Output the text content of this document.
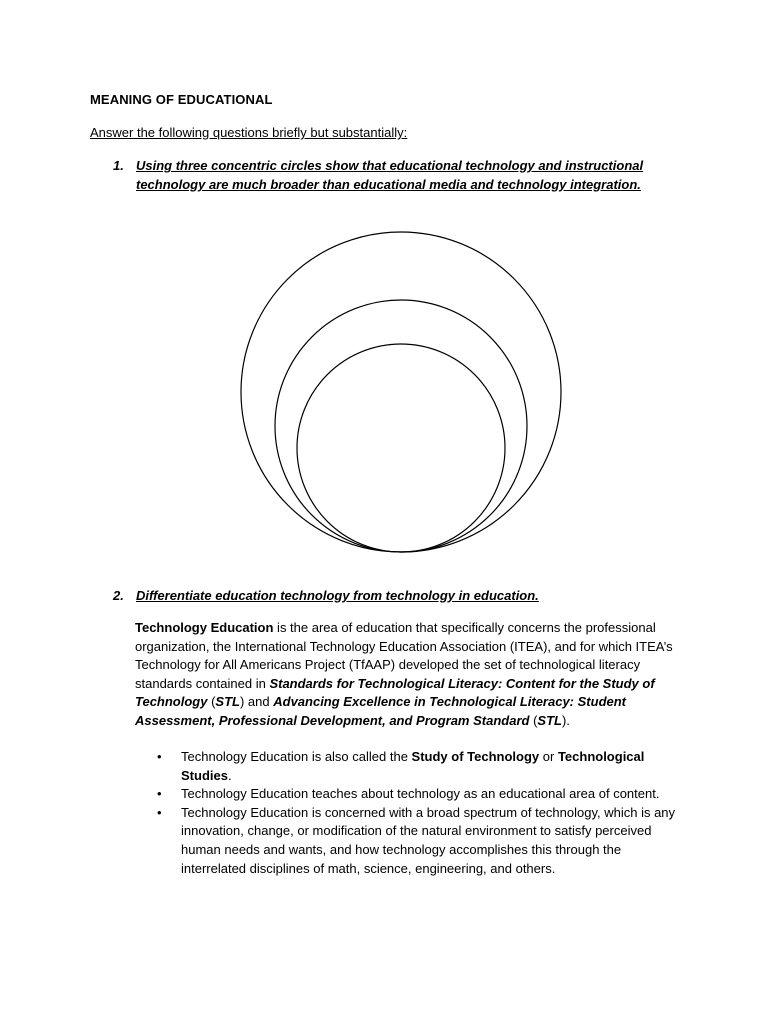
MEANING OF EDUCATIONAL
Answer the following questions briefly but substantially:
1. Using three concentric circles show that educational technology and instructional
technology are much broader than educational media and technology integration.
2. Differentiate education technology from technology in education.

Technology Education is the area of education that specifically concerns the professional organization, the International Technology Education Association (ITEA), and for which ITEA’s Technology for All Americans Project (TfAAP) developed the set of technological literacy standards contained in Standards for Technological Literacy: Content for the Study of Technology (STL) and Advancing Excellence in Technological Literacy: Student Assessment, Professional Development, and Program Standard (STL).

• Technology Education is also called the Study of Technology or Technological Studies.
• Technology Education teaches about technology as an educational area of content.
• Technology Education is concerned with a broad spectrum of technology, which is any innovation, change, or modification of the natural environment to satisfy perceived human needs and wants, and how technology accomplishes this through the interrelated disciplines of math, science, engineering, and others.
